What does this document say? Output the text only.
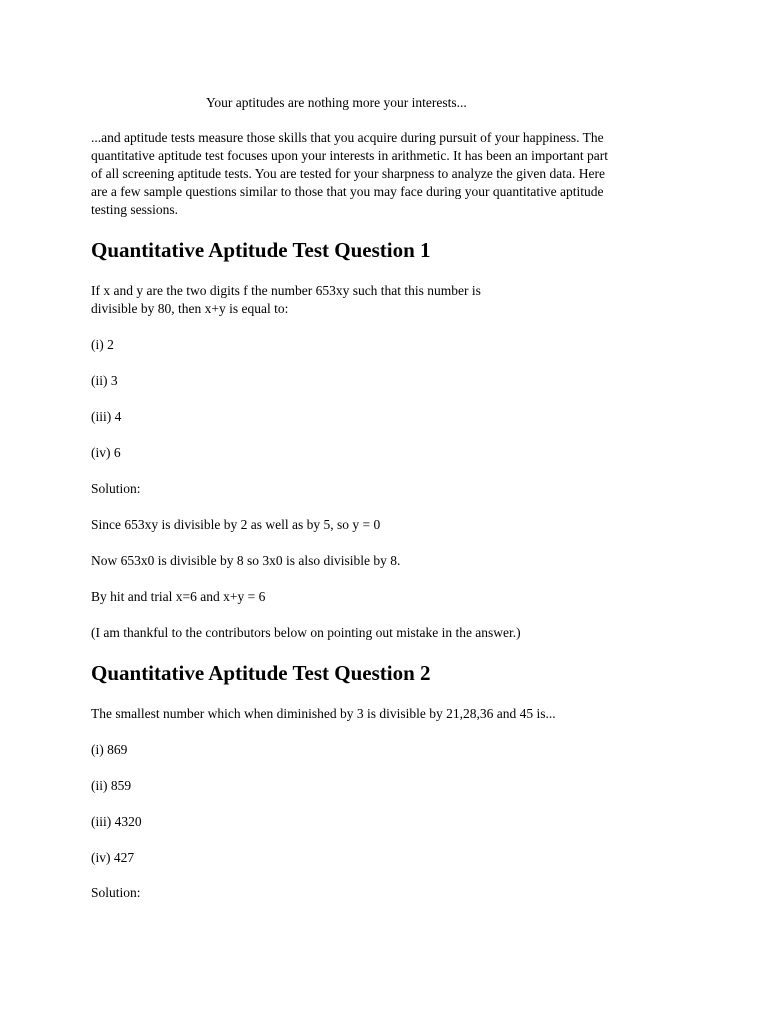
Your aptitudes are nothing more your interests...
...and aptitude tests measure those skills that you acquire during pursuit of your happiness. The
quantitative aptitude test focuses upon your interests in arithmetic. It has been an important part
of all screening aptitude tests. You are tested for your sharpness to analyze the given data. Here
are a few sample questions similar to those that you may face during your quantitative aptitude
testing sessions.
Quantitative Aptitude Test Question 1

If x and y are the two digits f the number 653xy such that this number is

divisible by 80, then x+y is equal to:

(i) 2

(ii) 3

(iii) 4

(iv) 6

Solution:

Since 653xy is divisible by 2 as well as by 5, so y = 0

Now 653x0 is divisible by 8 so 3x0 is also divisible by 8.

By hit and trial x=6 and x+y = 6

(I am thankful to the contributors below on pointing out mistake in the answer.)

Quantitative Aptitude Test Question 2

The smallest number which when diminished by 3 is divisible by 21,28,36 and 45 is...

(i) 869

(ii) 859

(iii) 4320

(iv) 427

Solution:
